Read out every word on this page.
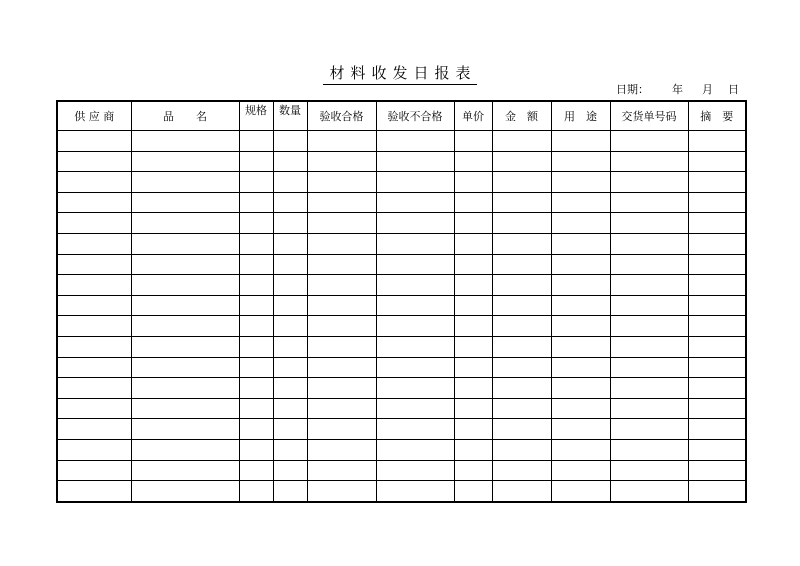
材料收发日报表
日期： 年 月 日
供 应 商	品　　名	规格	数量	验收合格	验收不合格	单价	金　额	用　途	交货单号码	摘　要
